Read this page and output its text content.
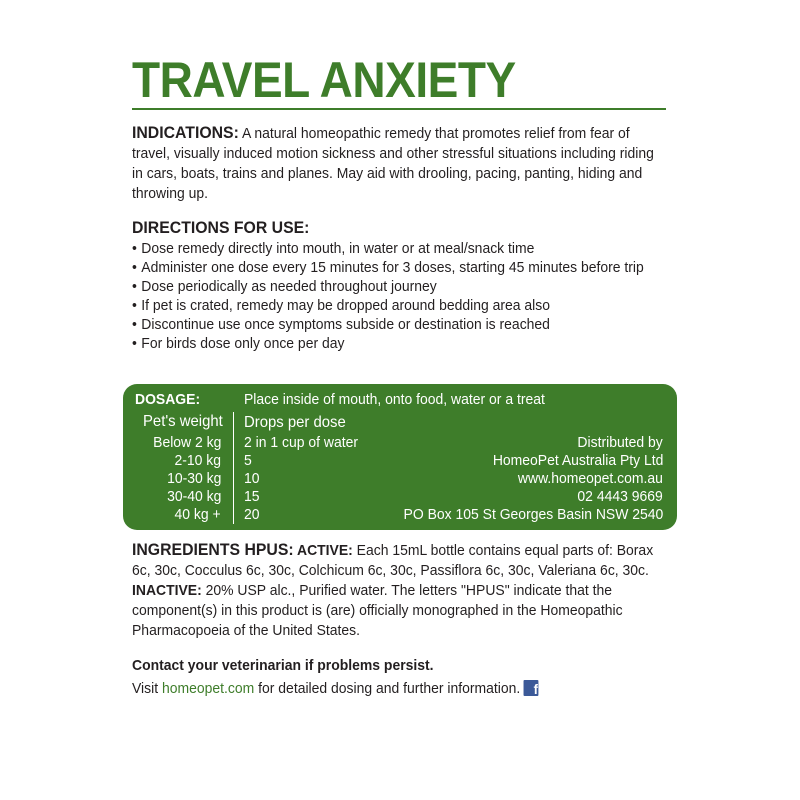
TRAVEL ANXIETY
INDICATIONS: A natural homeopathic remedy that promotes relief from fear of travel, visually induced motion sickness and other stressful situations including riding in cars, boats, trains and planes. May aid with drooling, pacing, panting, hiding and throwing up.
DIRECTIONS FOR USE:
• Dose remedy directly into mouth, in water or at meal/snack time
• Administer one dose every 15 minutes for 3 doses, starting 45 minutes before trip
• Dose periodically as needed throughout journey
• If pet is crated, remedy may be dropped around bedding area also
• Discontinue use once symptoms subside or destination is reached
• For birds dose only once per day
DOSAGE:	Place inside of mouth, onto food, water or a treat
Pet's weight Drops per dose
Below 2 kg
2-10 kg
10-30 kg
30-40 kg
40 kg +
2 in 1 cup of water
5
10
15
20
Distributed by
HomeoPet Australia Pty Ltd
www.homeopet.com.au
02 4443 9669
PO Box 105 St Georges Basin NSW 2540
INGREDIENTS HPUS: ACTIVE: Each 15mL bottle contains equal parts of: Borax 6c, 30c, Cocculus 6c, 30c, Colchicum 6c, 30c, Passiflora 6c, 30c, Valeriana 6c, 30c. INACTIVE: 20% USP alc., Purified water. The letters "HPUS" indicate that the component(s) in this product is (are) officially monographed in the Homeopathic Pharmacopoeia of the United States.
Contact your veterinarian if problems persist.
Visit homeopet.com for detailed dosing and further information. f
